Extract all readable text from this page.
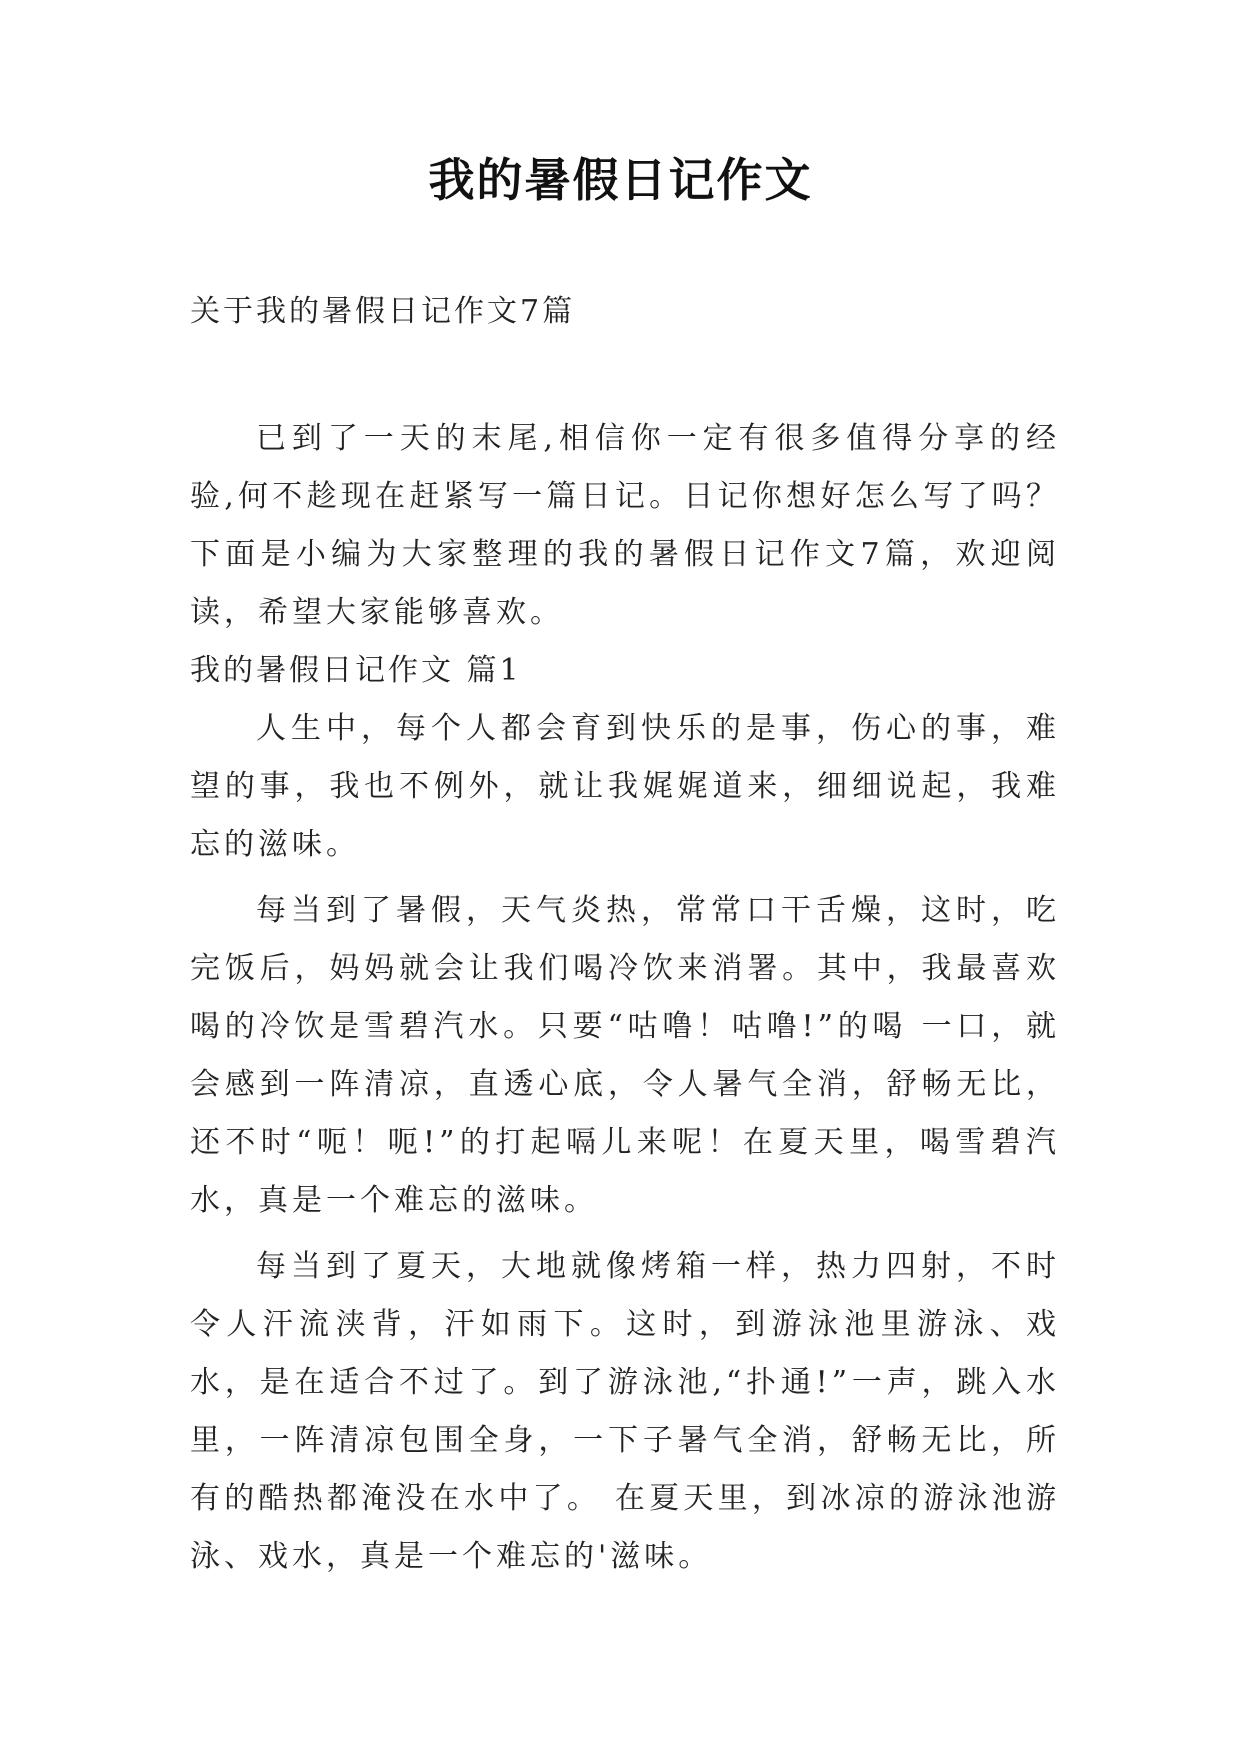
我的暑假日记作文
关于我的暑假日记作文7篇

已到了一天的末尾,相信你一定有很多值得分享的经验,何不趁现在赶紧写一篇日记。日记你想好怎么写了吗？下面是小编为大家整理的我的暑假日记作文7篇，欢迎阅读，希望大家能够喜欢。

我的暑假日记作文 篇1

人生中，每个人都会育到快乐的是事，伤心的事，难望的事，我也不例外，就让我娓娓道来，细细说起，我难忘的滋味。

每当到了暑假，天气炎热，常常口干舌燥，这时，吃完饭后，妈妈就会让我们喝冷饮来消署。其中，我最喜欢喝的冷饮是雪碧汽水。只要“咕噜！咕噜!”的喝 一口，就会感到一阵清凉，直透心底，令人暑气全消，舒畅无比，还不时“呃！呃!”的打起嗝儿来呢！在夏天里，喝雪碧汽水，真是一个难忘的滋味。

每当到了夏天，大地就像烤箱一样，热力四射，不时令人汗流浃背，汗如雨下。这时，到游泳池里游泳、戏水，是在适合不过了。到了游泳池,“扑通!”一声，跳入水里，一阵清凉包围全身，一下子暑气全消，舒畅无比，所有的酷热都淹没在水中了。 在夏天里，到冰凉的游泳池游泳、戏水，真是一个难忘的'滋味。
